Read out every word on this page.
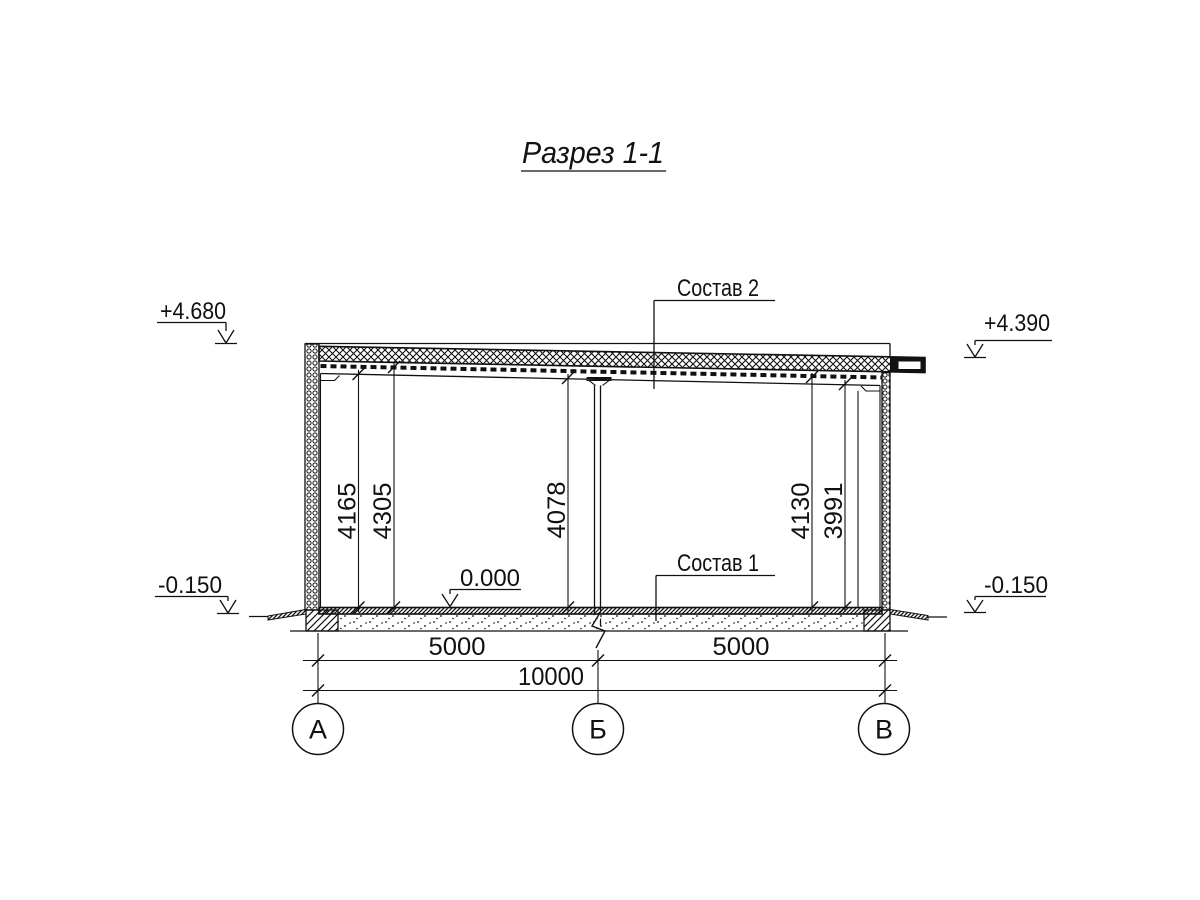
Разрез 1-1
4165 4305	4078	4130 3991
5000	5000
10000
А	Б	В
+4.680	+4.390
0.000
-0.150	-0.150
Состав 2
Состав 1
